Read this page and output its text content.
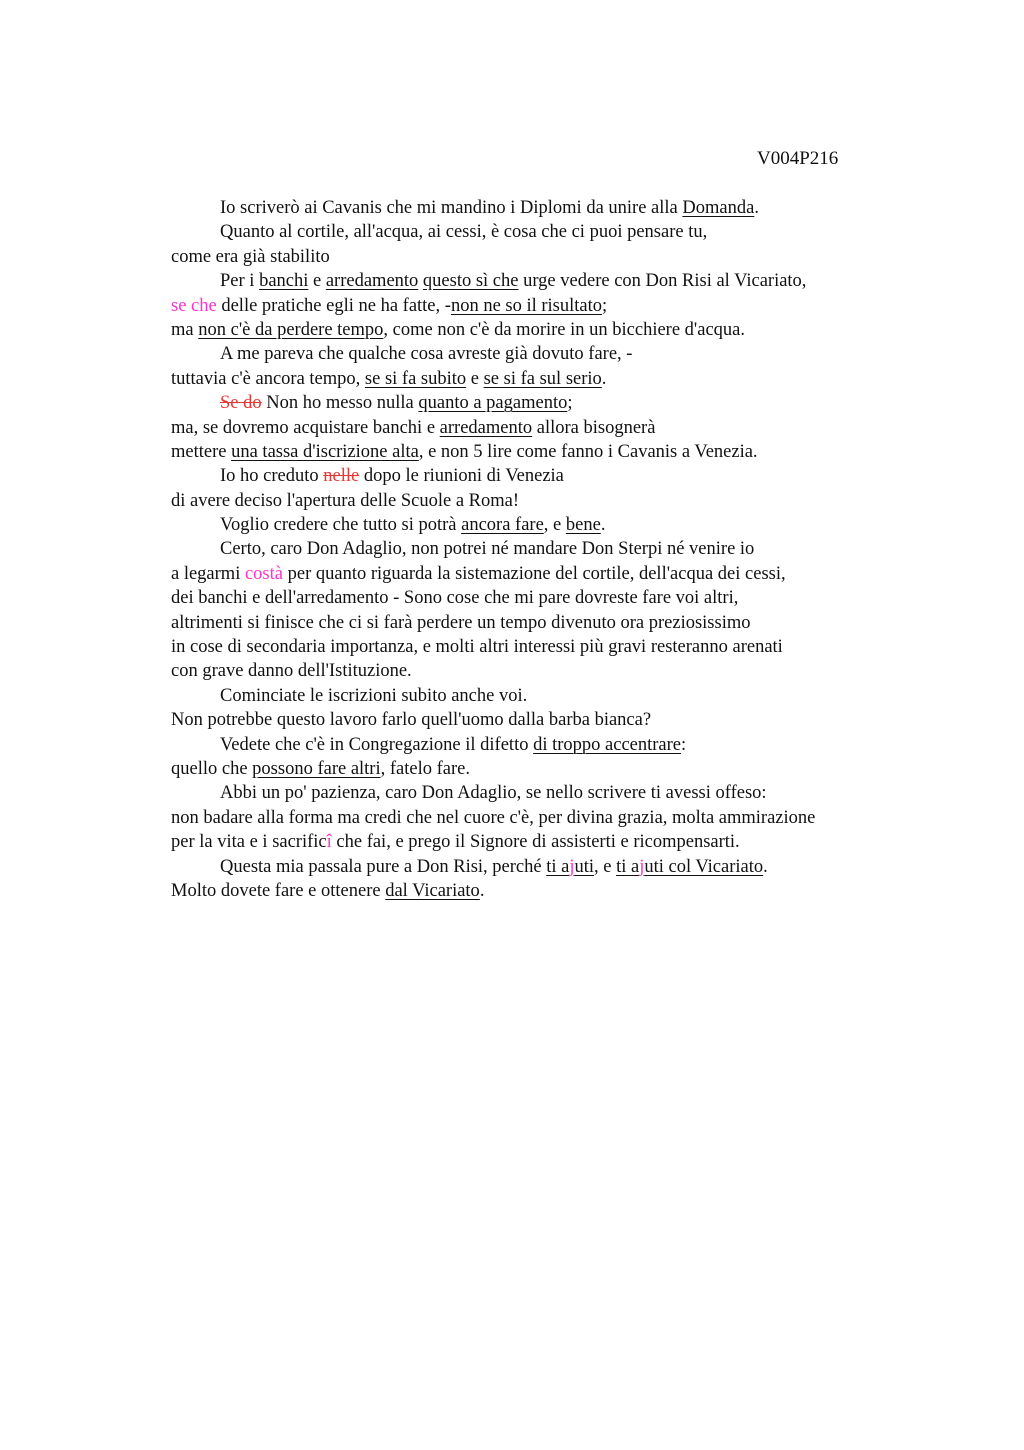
V004P216
Io scriverò ai Cavanis che mi mandino i Diplomi da unire alla Domanda.
Quanto al cortile, all'acqua, ai cessi, è cosa che ci puoi pensare tu,
come era già stabilito
Per i banchi e arredamento questo sì che urge vedere con Don Risi al Vicariato,
se che delle pratiche egli ne ha fatte, -non ne so il risultato;
ma non c'è da perdere tempo, come non c'è da morire in un bicchiere d'acqua.
A me pareva che qualche cosa avreste già dovuto fare, -
tuttavia c'è ancora tempo, se si fa subito e se si fa sul serio.
Se do Non ho messo nulla quanto a pagamento;
ma, se dovremo acquistare banchi e arredamento allora bisognerà
mettere una tassa d'iscrizione alta, e non 5 lire come fanno i Cavanis a Venezia.
Io ho creduto nelle dopo le riunioni di Venezia
di avere deciso l'apertura delle Scuole a Roma!
Voglio credere che tutto si potrà ancora fare, e bene.
Certo, caro Don Adaglio, non potrei né mandare Don Sterpi né venire io
a legarmi costà per quanto riguarda la sistemazione del cortile, dell'acqua dei cessi,
dei banchi e dell'arredamento - Sono cose che mi pare dovreste fare voi altri,
altrimenti si finisce che ci si farà perdere un tempo divenuto ora preziosissimo
in cose di secondaria importanza, e molti altri interessi più gravi resteranno arenati
con grave danno dell'Istituzione.
Cominciate le iscrizioni subito anche voi.
Non potrebbe questo lavoro farlo quell'uomo dalla barba bianca?
Vedete che c'è in Congregazione il difetto di troppo accentrare:
quello che possono fare altri, fatelo fare.
Abbi un po' pazienza, caro Don Adaglio, se nello scrivere ti avessi offeso:
non badare alla forma ma credi che nel cuore c'è, per divina grazia, molta ammirazione
per la vita e i sacrificî che fai, e prego il Signore di assisterti e ricompensarti.
Questa mia passala pure a Don Risi, perché ti ajuti, e ti ajuti col Vicariato.
Molto dovete fare e ottenere dal Vicariato.
